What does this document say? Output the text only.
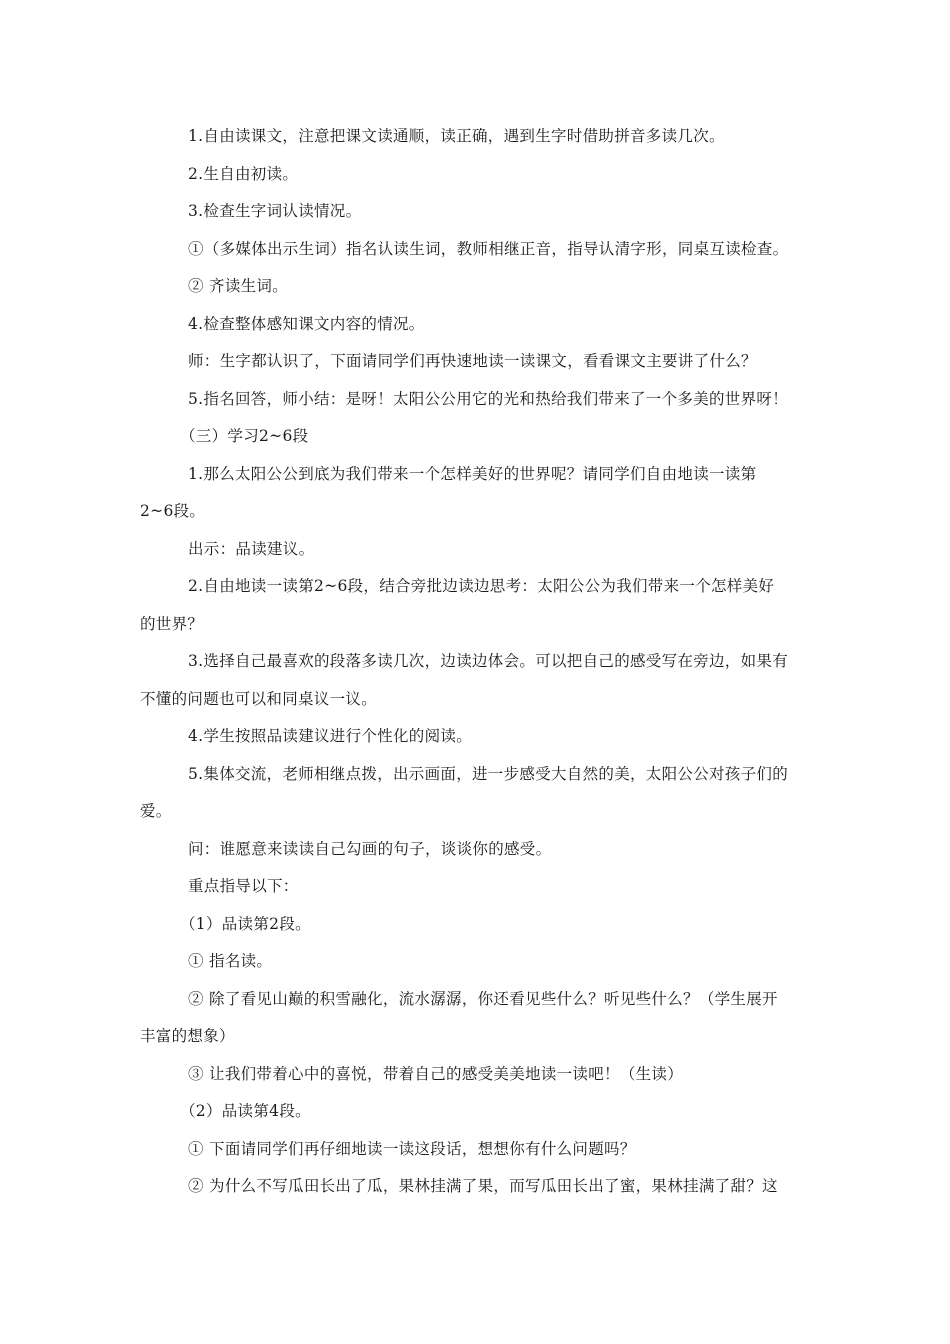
1.自由读课文，注意把课文读通顺，读正确，遇到生字时借助拼音多读几次。
2.生自由初读。
3.检查生字词认读情况。
①（多媒体出示生词）指名认读生词，教师相继正音，指导认清字形，同桌互读检查。
② 齐读生词。
4.检查整体感知课文内容的情况。
师：生字都认识了，下面请同学们再快速地读一读课文，看看课文主要讲了什么？
5.指名回答，师小结：是呀！太阳公公用它的光和热给我们带来了一个多美的世界呀！
（三）学习2~6段
1.那么太阳公公到底为我们带来一个怎样美好的世界呢？请同学们自由地读一读第
2~6段。
出示：品读建议。
2.自由地读一读第2~6段，结合旁批边读边思考：太阳公公为我们带来一个怎样美好
的世界？
3.选择自己最喜欢的段落多读几次，边读边体会。可以把自己的感受写在旁边，如果有
不懂的问题也可以和同桌议一议。
4.学生按照品读建议进行个性化的阅读。
5.集体交流，老师相继点拨，出示画面，进一步感受大自然的美，太阳公公对孩子们的
爱。
问：谁愿意来读读自己勾画的句子，谈谈你的感受。
重点指导以下：
（1）品读第2段。
① 指名读。
② 除了看见山巅的积雪融化，流水潺潺，你还看见些什么？听见些什么？（学生展开
丰富的想象）
③ 让我们带着心中的喜悦，带着自己的感受美美地读一读吧！（生读）
（2）品读第4段。
① 下面请同学们再仔细地读一读这段话，想想你有什么问题吗？
② 为什么不写瓜田长出了瓜，果林挂满了果，而写瓜田长出了蜜，果林挂满了甜？这
